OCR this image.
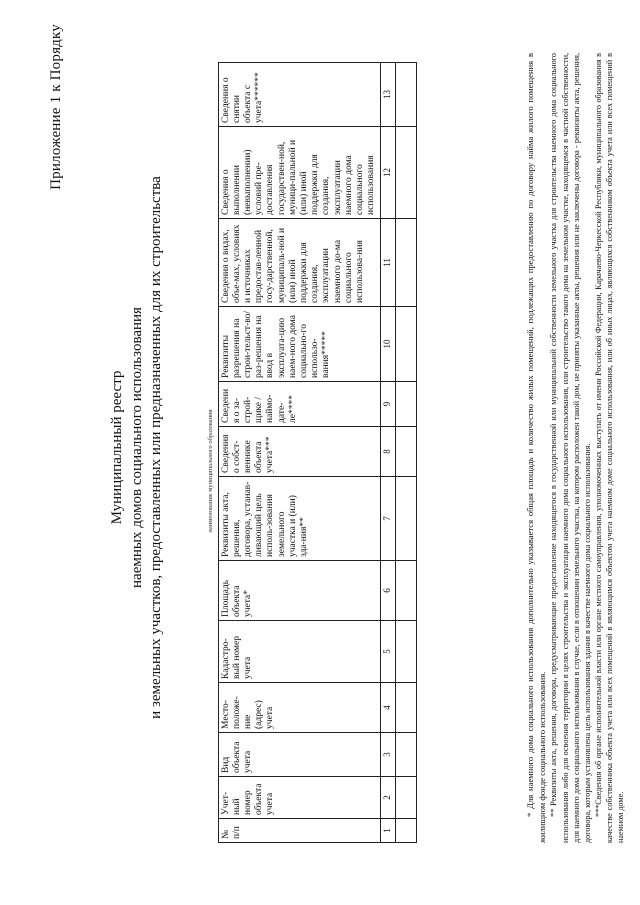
Приложение 1 к Порядку
Муниципальный реестр наемных домов социального использования и земельных участков, предоставленных или предназначенных для их строительства
						наименование муниципального образования						
№ п/п	Учет-ный номер объекта учета	Вид объекта учета	Место-положе-ние (адрес) учета	Кадастро-вый номер учета	Площадь объекта учета*	Реквизиты акта, решения, договора, устанав-ливающий цель исполь-зования земельного участка и (или) зда-ния**	Сведения о собст-венникe объекта учета***	Сведения о за-строй-щике /наймо-дате-ле****	Реквизиты разрешения на строи-тельст-во/раз-решения на ввод в эксплуата-цию наем-ного дома социально-го использо-вания*****	Сведения о видах, объе-мах, условиях и источниках предостав-ленной госу-дарственной, муниципаль-ной и (или) иной поддержки для создания, эксплуатации наемного до-ма социального использова-ния	Сведения о выполнении (невыполнении) условий пре-доставления государствен-ной, муници-пальной и (или) иной поддержки для создания, эксплуатации наемного дома социального использования	Сведения о снятии объекта с учета******
1	2	3	4	5	6	7	8	9	10	11	12	13
													* Для наемного дома социального использования дополнительно указывается общая площадь и количество жилых помещений, подлежащих предоставлению по договору найма жилого помещения в жилищном фонде социального использования. ** Реквизиты акта, решения, договора, предусматривающие предоставление находящегося в государственной или муниципальной собственности земельного участка для строительства наемного дома социального использования либо для освоения территории в целях строительства и эксплуатации наемного дома социального использования, или строительство такого дома на земельном участке, находящемся в частной собственности, для наемного дома социального использования в случае, если в отношении земельного участка, на котором расположен такой дом, не приняты указанные акты, решения или не заключены договора - реквизиты акта, решения, договора, которым установлена цель использования здания в качестве наемного дома социального использования. ***Сведения об органе исполнительной власти или органе местного самоуправления, уполномоченных выступать от имени Российской Федерации, Карачаево-Черкесской Республики, муниципального образования в качестве собственника объекта учета или всех помещений в являющимся объектом учета наемном доме социального использования, или об иных лицах, являющихся собственником объекта учета или всех помещений в наемном доме.
